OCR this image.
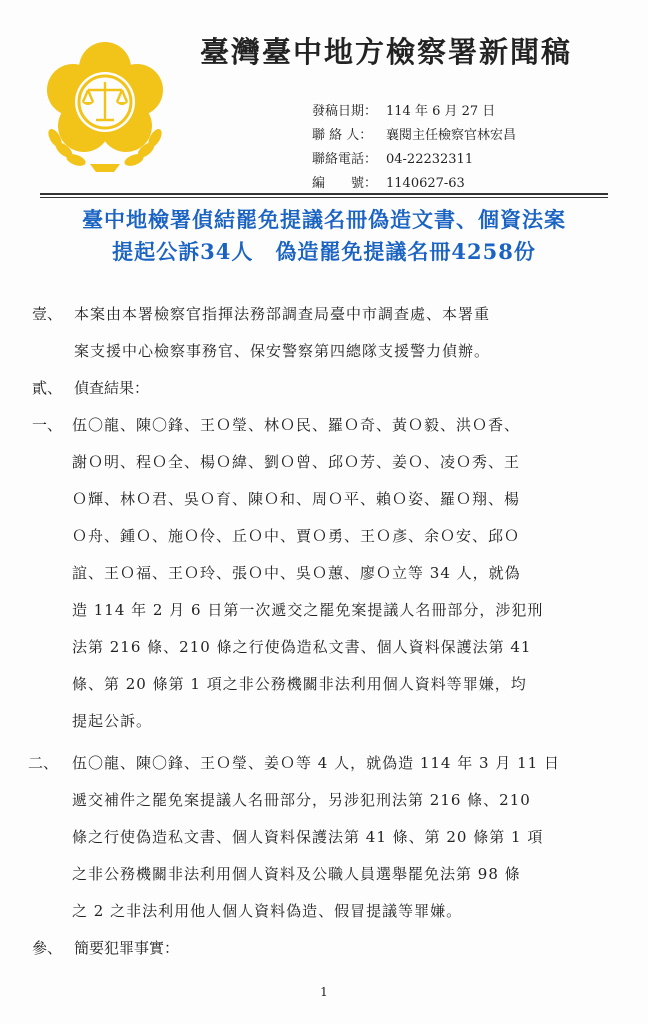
臺灣臺中地方檢察署新聞稿
發稿日期： 114 年 6 月 27 日
聯 絡 人： 襄閱主任檢察官林宏昌
聯絡電話： 04-22232311
編　　號： 1140627-63
臺中地檢署偵結罷免提議名冊偽造文書、個資法案
提起公訴34人　偽造罷免提議名冊4258份
壹、 本案由本署檢察官指揮法務部調查局臺中市調查處、本署重
案支援中心檢察事務官、保安警察第四總隊支援警力偵辦。
貳、 偵查結果：
一、 伍〇龍、陳〇鋒、王Ｏ瑩、林Ｏ民、羅Ｏ奇、黃Ｏ毅、洪Ｏ香、
謝Ｏ明、程Ｏ全、楊Ｏ緯、劉Ｏ曾、邱Ｏ芳、姜Ｏ、凌Ｏ秀、王
Ｏ輝、林Ｏ君、吳Ｏ育、陳Ｏ和、周Ｏ平、賴Ｏ姿、羅Ｏ翔、楊
Ｏ舟、鍾Ｏ、施Ｏ伶、丘Ｏ中、賈Ｏ勇、王Ｏ彥、余Ｏ安、邱Ｏ
誼、王Ｏ福、王Ｏ玲、張Ｏ中、吳Ｏ蕙、廖Ｏ立等 34 人，就偽
造 114 年 2 月 6 日第一次遞交之罷免案提議人名冊部分，涉犯刑
法第 216 條、210 條之行使偽造私文書、個人資料保護法第 41
條、第 20 條第 1 項之非公務機關非法利用個人資料等罪嫌，均
提起公訴。
二、 伍〇龍、陳〇鋒、王Ｏ瑩、姜Ｏ等 4 人，就偽造 114 年 3 月 11 日
遞交補件之罷免案提議人名冊部分，另涉犯刑法第 216 條、210
條之行使偽造私文書、個人資料保護法第 41 條、第 20 條第 1 項
之非公務機關非法利用個人資料及公職人員選舉罷免法第 98 條
之 2 之非法利用他人個人資料偽造、假冒提議等罪嫌。
參、 簡要犯罪事實：
1
